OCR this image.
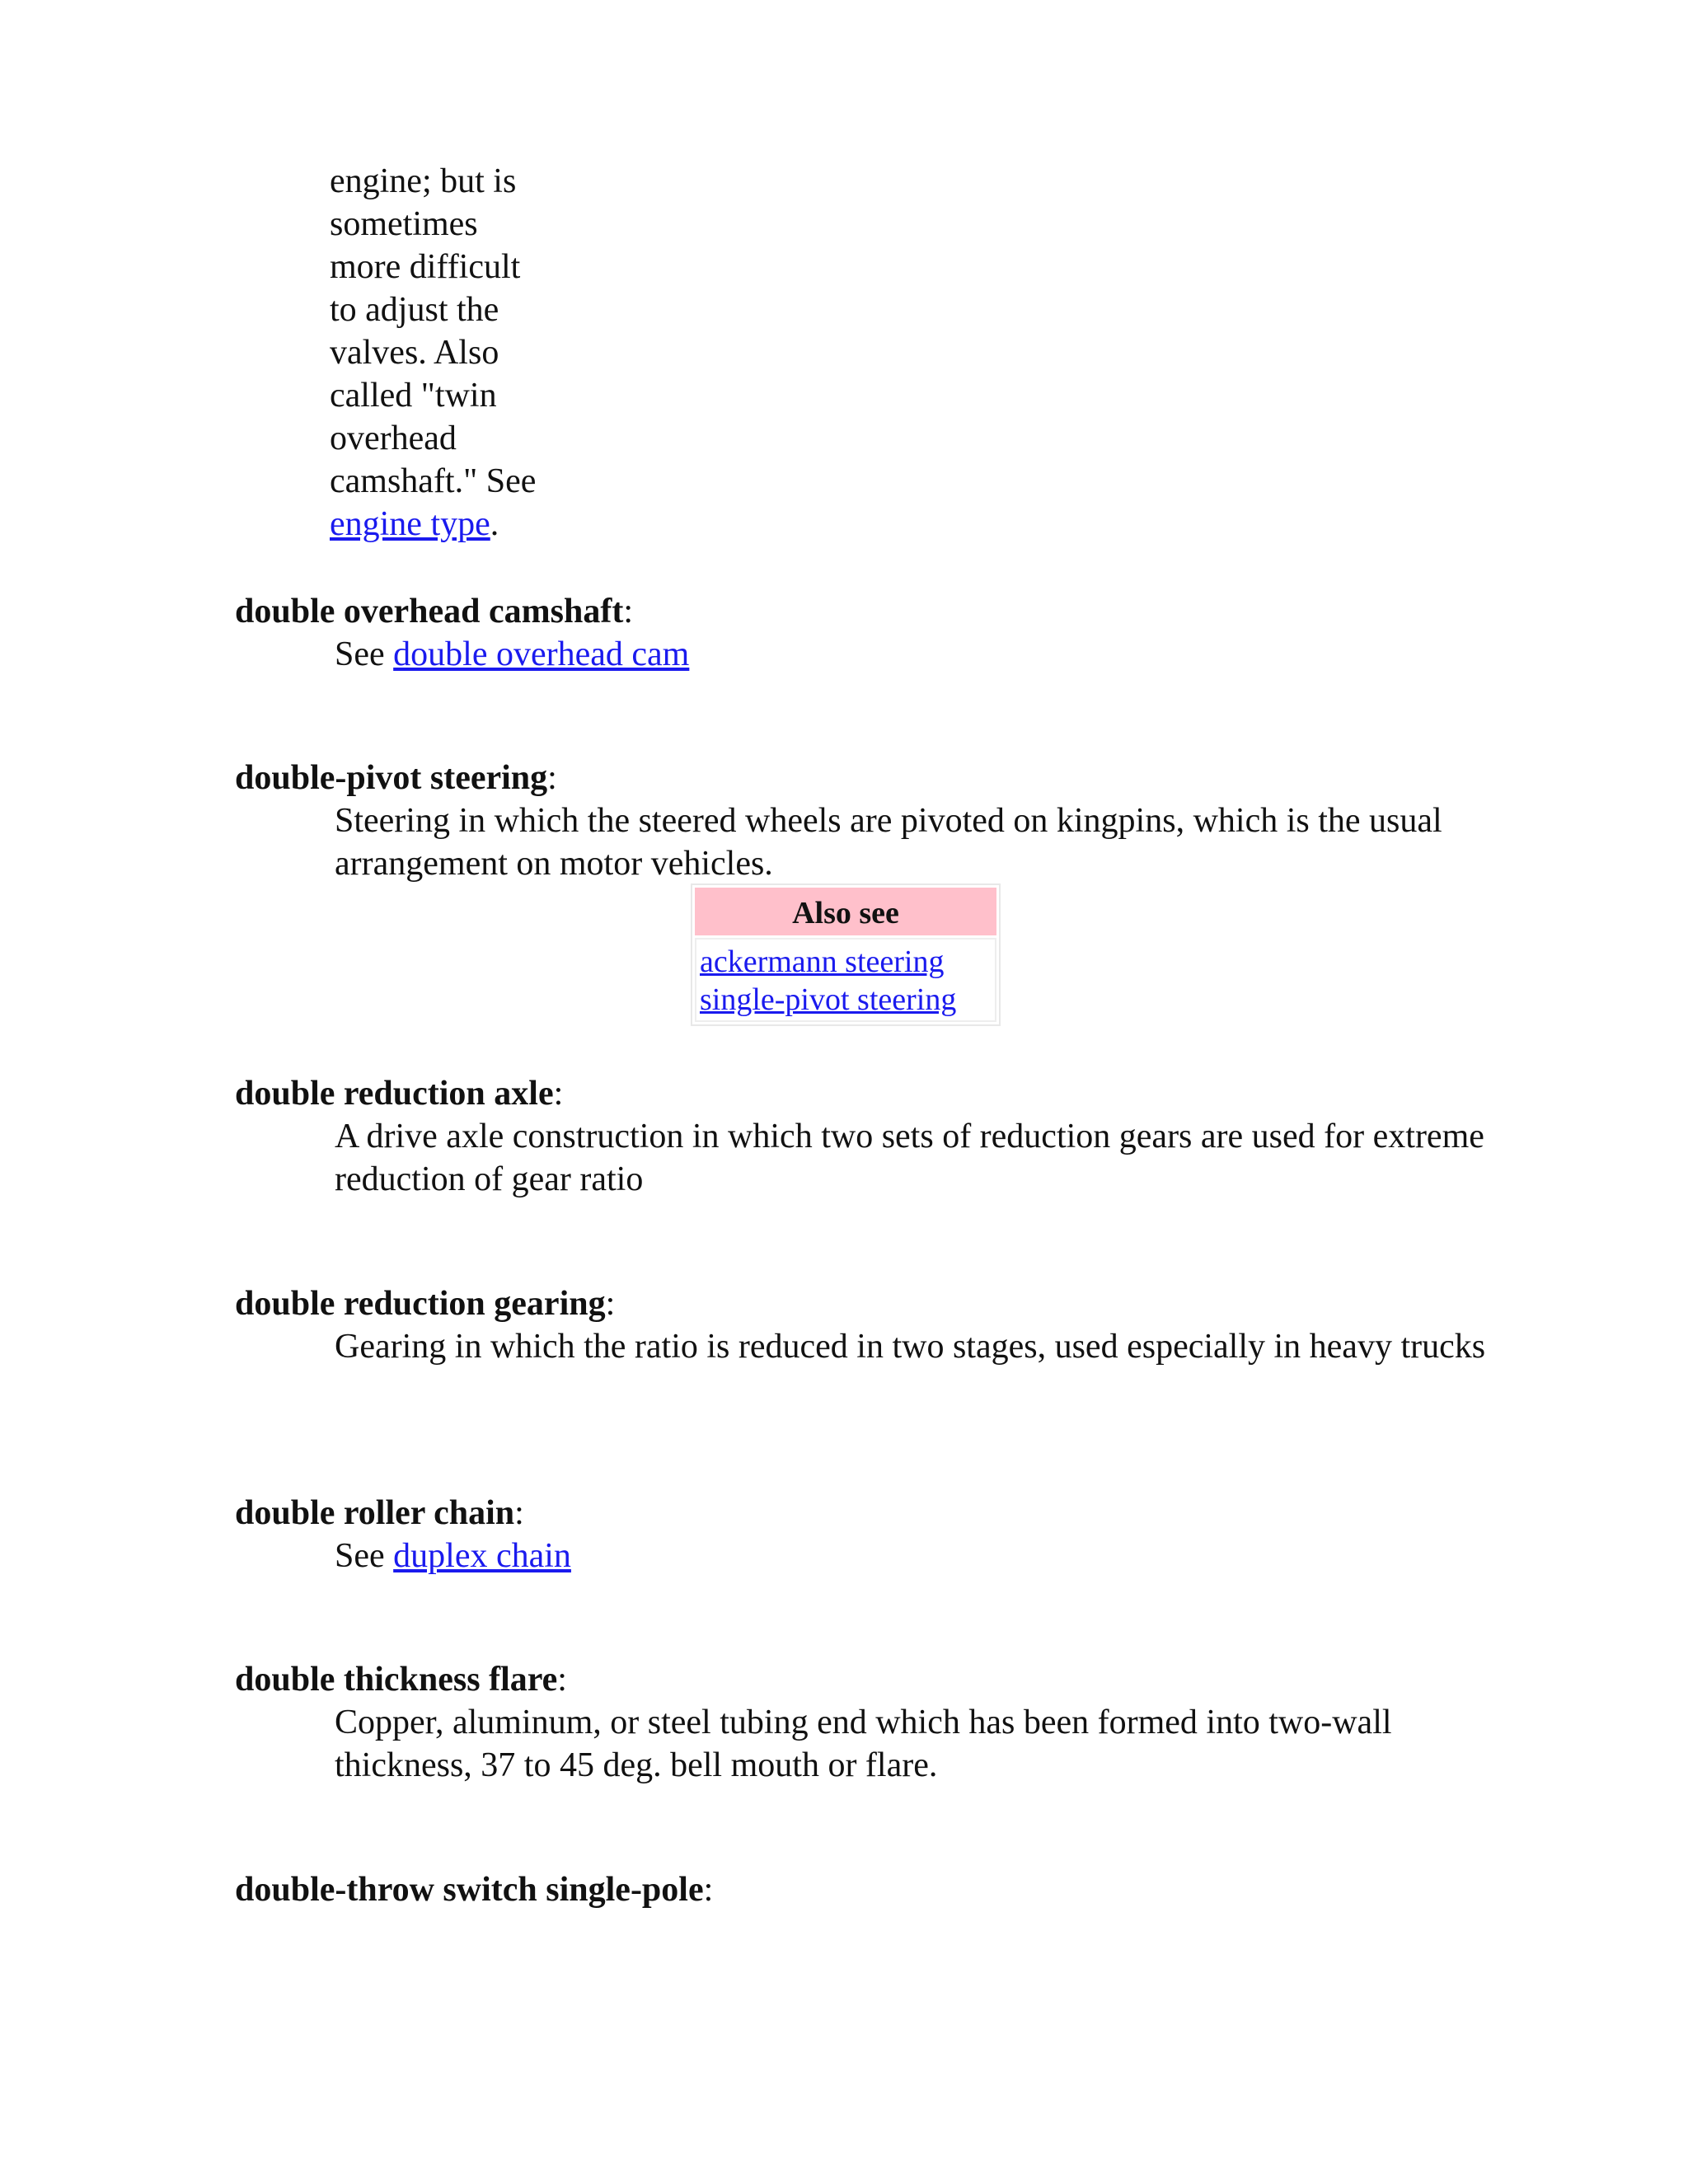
engine; but is
sometimes
more difficult
to adjust the
valves. Also
called "twin
overhead
camshaft." See
engine type.
double overhead camshaft:
See double overhead cam
double-pivot steering:
Steering in which the steered wheels are pivoted on kingpins, which is the usual arrangement on motor vehicles.
Also see
ackermann steering
single-pivot steering
double reduction axle:
A drive axle construction in which two sets of reduction gears are used for extreme reduction of gear ratio
double reduction gearing:
Gearing in which the ratio is reduced in two stages, used especially in heavy trucks
double roller chain:
See duplex chain
double thickness flare:
Copper, aluminum, or steel tubing end which has been formed into two-wall thickness, 37 to 45 deg. bell mouth or flare.
double-throw switch single-pole:
